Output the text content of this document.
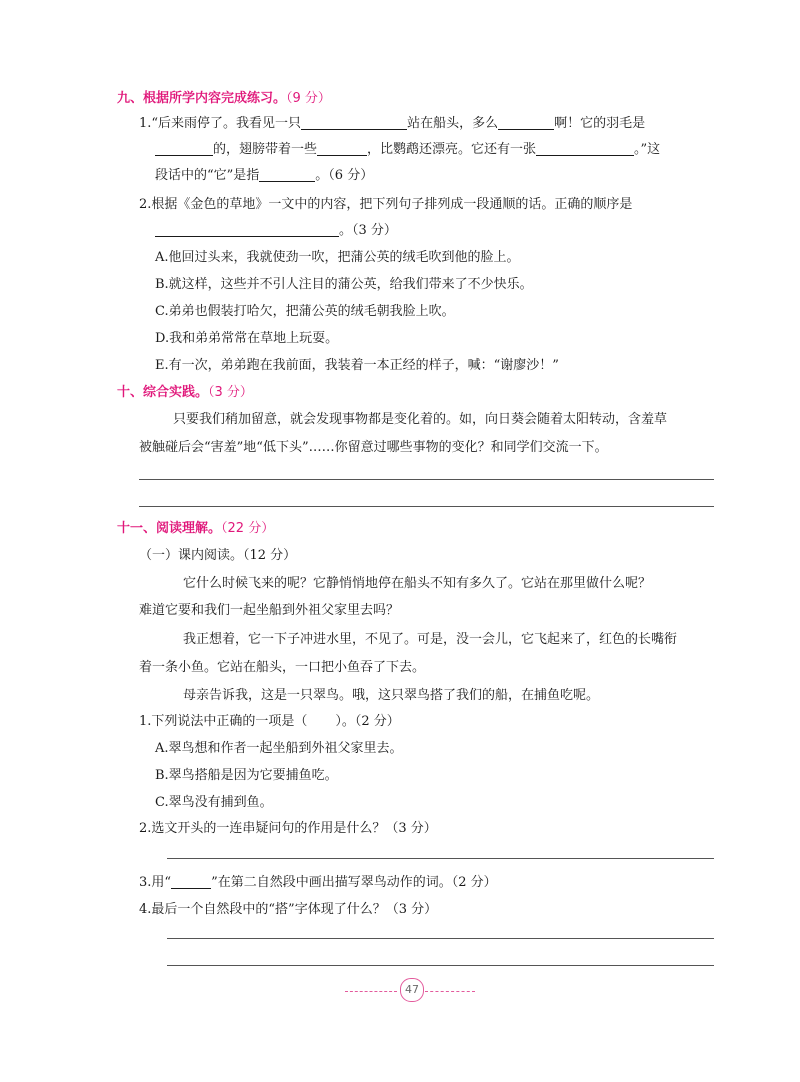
九、根据所学内容完成练习。（9 分）
1.“后来雨停了。我看见一只	站在船头，多么	啊！它的羽毛是
的，翅膀带着一些	，比鹦鹉还漂亮。它还有一张	。”这
段话中的“它”是指	。（6 分）
2.根据《金色的草地》一文中的内容，把下列句子排列成一段通顺的话。正确的顺序是
。（3 分）
A.他回过头来，我就使劲一吹，把蒲公英的绒毛吹到他的脸上。
B.就这样，这些并不引人注目的蒲公英，给我们带来了不少快乐。
C.弟弟也假装打哈欠，把蒲公英的绒毛朝我脸上吹。
D.我和弟弟常常在草地上玩耍。
E.有一次，弟弟跑在我前面，我装着一本正经的样子，喊：“谢廖沙！”
十、综合实践。（3 分）
只要我们稍加留意，就会发现事物都是变化着的。如，向日葵会随着太阳转动，含羞草
被触碰后会“害羞”地“低下头”……你留意过哪些事物的变化？和同学们交流一下。
十一、阅读理解。（22 分）
（一）课内阅读。（12 分）
它什么时候飞来的呢？它静悄悄地停在船头不知有多久了。它站在那里做什么呢？
难道它要和我们一起坐船到外祖父家里去吗？
我正想着，它一下子冲进水里，不见了。可是，没一会儿，它飞起来了，红色的长嘴衔
着一条小鱼。它站在船头，一口把小鱼吞了下去。
母亲告诉我，这是一只翠鸟。哦，这只翠鸟搭了我们的船，在捕鱼吃呢。
1.下列说法中正确的一项是（ ）。（2 分）
A.翠鸟想和作者一起坐船到外祖父家里去。
B.翠鸟搭船是因为它要捕鱼吃。
C.翠鸟没有捕到鱼。
2.选文开头的一连串疑问句的作用是什么？（3 分）
3.用“	”在第二自然段中画出描写翠鸟动作的词。（2 分）
4.最后一个自然段中的“搭”字体现了什么？（3 分）
47
